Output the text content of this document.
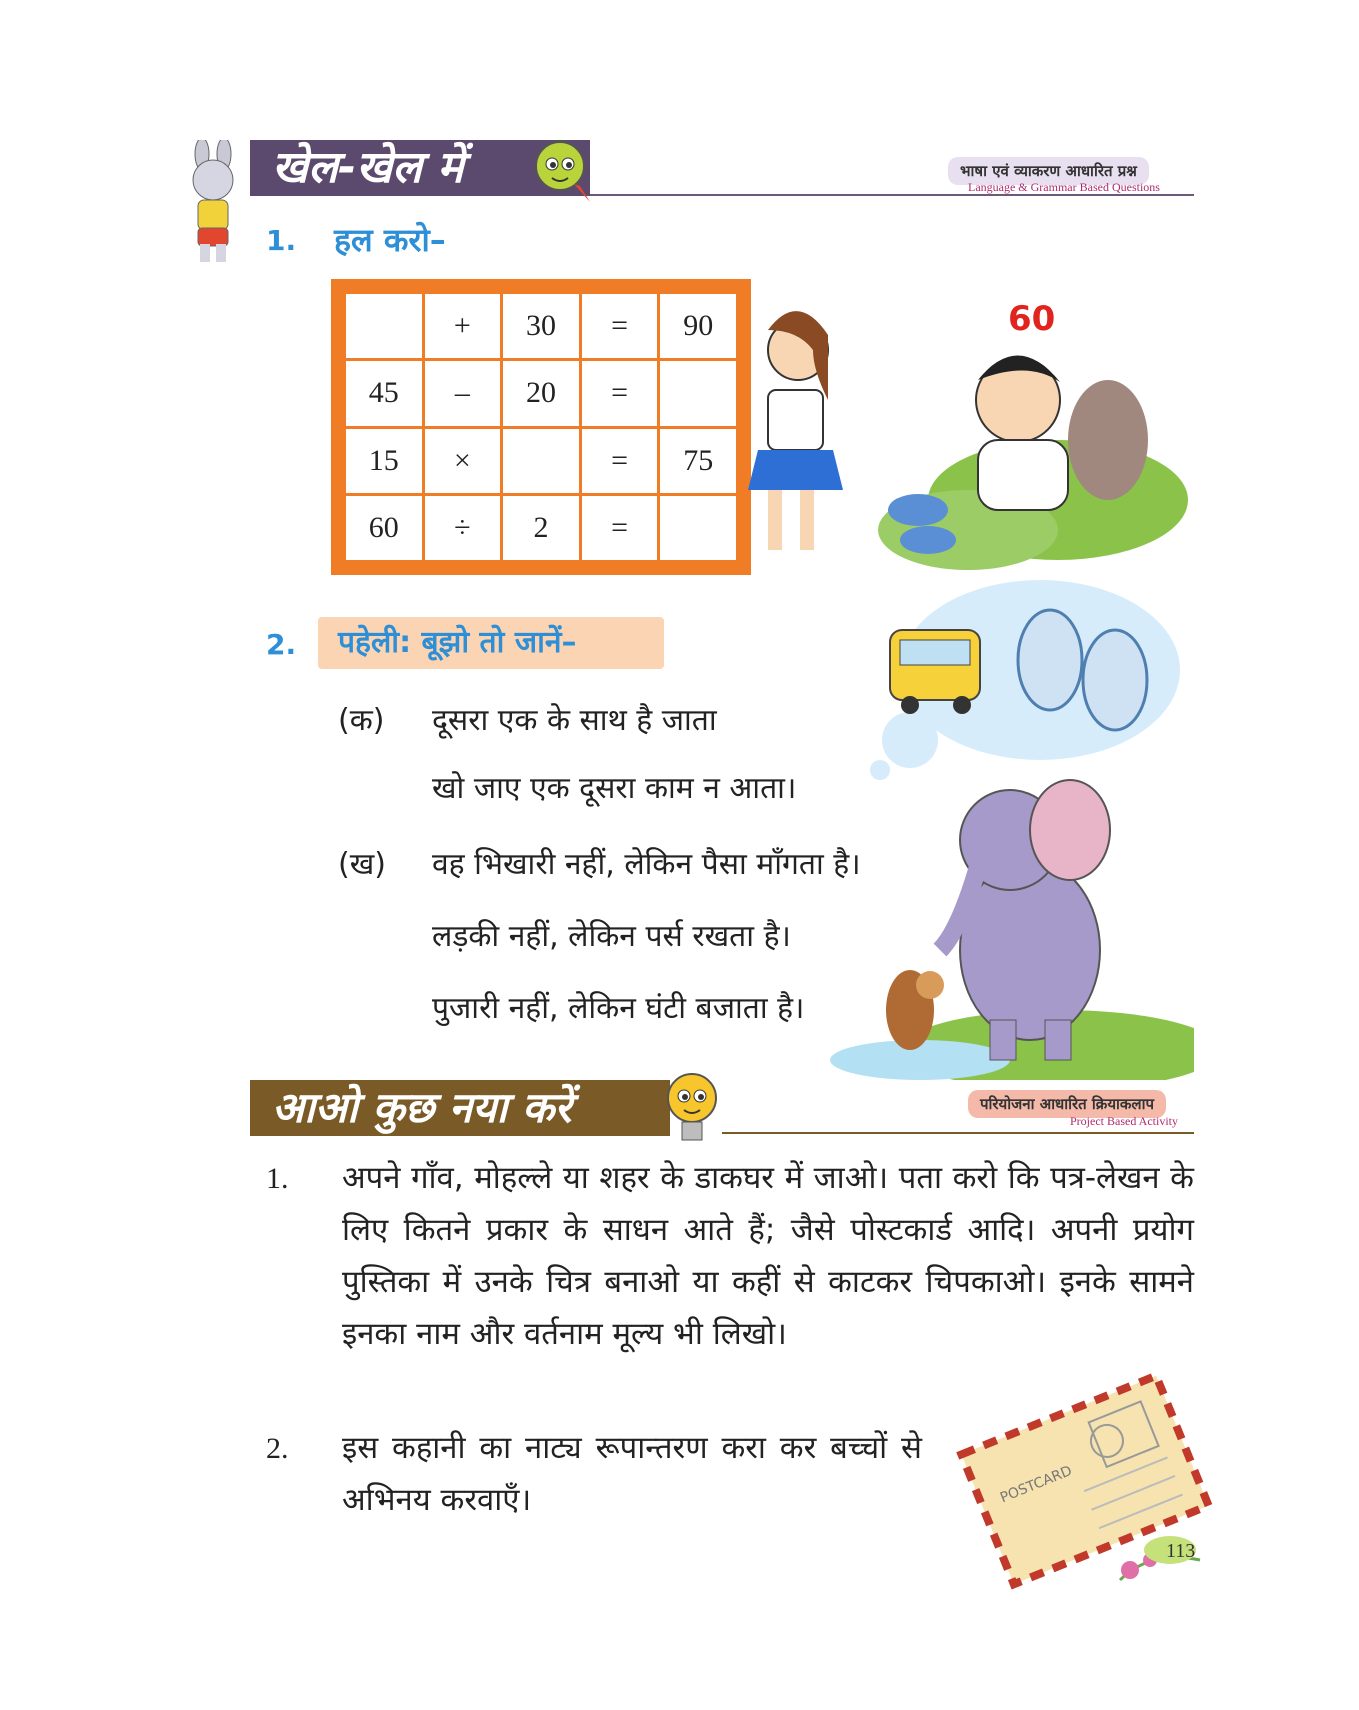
खेल-खेल में	भाषा एवं व्याकरण आधारित प्रश्न
Language & Grammar Based Questions
1. हल करो–
	+	30	=	90
45	–	20	=	
15	×		=	75
60	÷	2	=	
60
2. पहेली: बूझो तो जानें–
(क) दूसरा एक के साथ है जाता
खो जाए एक दूसरा काम न आता।
(ख) वह भिखारी नहीं, लेकिन पैसा माँगता है।
लड़की नहीं, लेकिन पर्स रखता है।
पुजारी नहीं, लेकिन घंटी बजाता है।
आओ कुछ नया करें	परियोजना आधारित क्रियाकलाप
Project Based Activity
1. अपने गाँव, मोहल्ले या शहर के डाकघर में जाओ। पता करो कि पत्र-लेखन के लिए कितने प्रकार के साधन आते हैं; जैसे पोस्टकार्ड आदि। अपनी प्रयोग पुस्तिका में उनके चित्र बनाओ या कहीं से काटकर चिपकाओ। इनके सामने इनका नाम और वर्तनाम मूल्य भी लिखो।
2. इस कहानी का नाट्य रूपान्तरण करा कर बच्चों से अभिनय करवाएँ।	POSTCARD
113
